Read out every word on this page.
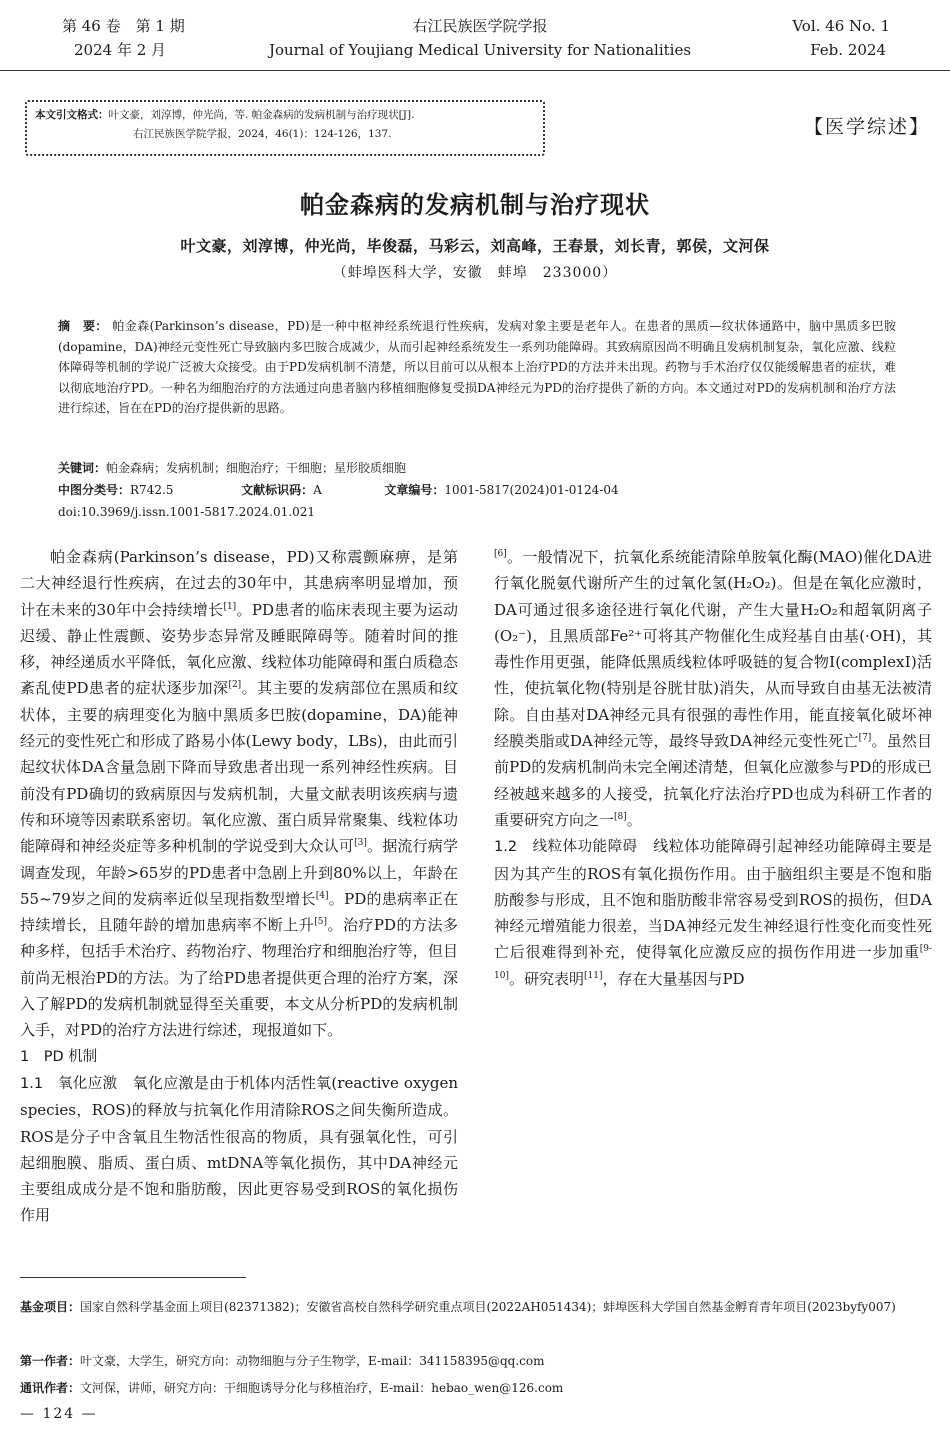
第 46 卷　第 1 期
2024 年 2 月
右江民族医学院学报
Journal of Youjiang Medical University for Nationalities
Vol. 46 No. 1
Feb. 2024
本文引文格式：叶文豪，刘淳博，仲光尚，等. 帕金森病的发病机制与治疗现状[J].
右江民族医学院学报，2024，46(1)：124-126，137.	【医学综述】
帕金森病的发病机制与治疗现状
叶文豪，刘淳博，仲光尚，毕俊磊，马彩云，刘高峰，王春景，刘长青，郭侯，文河保
（蚌埠医科大学，安徽　蚌埠　233000）
摘　要： 帕金森(Parkinson’s disease，PD)是一种中枢神经系统退行性疾病，发病对象主要是老年人。在患者的黑质—纹状体通路中，脑中黑质多巴胺(dopamine，DA)神经元变性死亡导致脑内多巴胺合成减少，从而引起神经系统发生一系列功能障碍。其致病原因尚不明确且发病机制复杂，氧化应激、线粒体障碍等机制的学说广泛被大众接受。由于PD发病机制不清楚，所以目前可以从根本上治疗PD的方法并未出现。药物与手术治疗仅仅能缓解患者的症状，难以彻底地治疗PD。一种名为细胞治疗的方法通过向患者脑内移植细胞修复受损DA神经元为PD的治疗提供了新的方向。本文通过对PD的发病机制和治疗方法进行综述，旨在在PD的治疗提供新的思路。
关键词：帕金森病；发病机制；细胞治疗；干细胞；星形胶质细胞
中图分类号：R742.5	文献标识码：A	文章编号：1001-5817(2024)01-0124-04
doi:10.3969/j.issn.1001-5817.2024.01.021

帕金森病(Parkinson’s disease，PD)又称震颤麻痹，是第二大神经退行性疾病，在过去的30年中，其患病率明显增加，预计在未来的30年中会持续增长[1]。PD患者的临床表现主要为运动迟缓、静止性震颤、姿势步态异常及睡眠障碍等。随着时间的推移，神经递质水平降低，氧化应激、线粒体功能障碍和蛋白质稳态紊乱使PD患者的症状逐步加深[2]。其主要的发病部位在黑质和纹状体，主要的病理变化为脑中黑质多巴胺(dopamine，DA)能神经元的变性死亡和形成了路易小体(Lewy body，LBs)，由此而引起纹状体DA含量急剧下降而导致患者出现一系列神经性疾病。目前没有PD确切的致病原因与发病机制，大量文献表明该疾病与遗传和环境等因素联系密切。氧化应激、蛋白质异常聚集、线粒体功能障碍和神经炎症等多种机制的学说受到大众认可[3]。据流行病学调查发现，年龄>65岁的PD患者中急剧上升到80%以上，年龄在55~79岁之间的发病率近似呈现指数型增长[4]。PD的患病率正在持续增长，且随年龄的增加患病率不断上升[5]。治疗PD的方法多种多样，包括手术治疗、药物治疗、物理治疗和细胞治疗等，但目前尚无根治PD的方法。为了给PD患者提供更合理的治疗方案，深入了解PD的发病机制就显得至关重要，本文从分析PD的发病机制入手，对PD的治疗方法进行综述，现报道如下。

1　PD 机制

1.1　氧化应激　氧化应激是由于机体内活性氧(reactive oxygen species，ROS)的释放与抗氧化作用清除ROS之间失衡所造成。ROS是分子中含氧且生物活性很高的物质，具有强氧化性，可引起细胞膜、脂质、蛋白质、mtDNA等氧化损伤，其中DA神经元主要组成成分是不饱和脂肪酸，因此更容易受到ROS的氧化损伤作用

[6]。一般情况下，抗氧化系统能清除单胺氧化酶(MAO)催化DA进行氧化脱氨代谢所产生的过氧化氢(H₂O₂)。但是在氧化应激时，DA可通过很多途径进行氧化代谢，产生大量H₂O₂和超氧阴离子(O₂⁻)，且黑质部Fe²⁺可将其产物催化生成羟基自由基(·OH)，其毒性作用更强，能降低黑质线粒体呼吸链的复合物Ⅰ(complexⅠ)活性，使抗氧化物(特别是谷胱甘肽)消失，从而导致自由基无法被清除。自由基对DA神经元具有很强的毒性作用，能直接氧化破坏神经膜类脂或DA神经元等，最终导致DA神经元变性死亡[7]。虽然目前PD的发病机制尚未完全阐述清楚，但氧化应激参与PD的形成已经被越来越多的人接受，抗氧化疗法治疗PD也成为科研工作者的重要研究方向之一[8]。

1.2　线粒体功能障碍　线粒体功能障碍引起神经功能障碍主要是因为其产生的ROS有氧化损伤作用。由于脑组织主要是不饱和脂肪酸参与形成，且不饱和脂肪酸非常容易受到ROS的损伤，但DA神经元增殖能力很差，当DA神经元发生神经退行性变化而变性死亡后很难得到补充，使得氧化应激反应的损伤作用进一步加重[9-10]。研究表明[11]，存在大量基因与PD

基金项目：国家自然科学基金面上项目(82371382)；安徽省高校自然科学研究重点项目(2022AH051434)；蚌埠医科大学国自然基金孵育青年项目(2023byfy007)
第一作者：叶文豪，大学生，研究方向：动物细胞与分子生物学，E-mail：341158395@qq.com
通讯作者：文河保，讲师，研究方向：干细胞诱导分化与移植治疗，E-mail：hebao_wen@126.com
— 124 —
